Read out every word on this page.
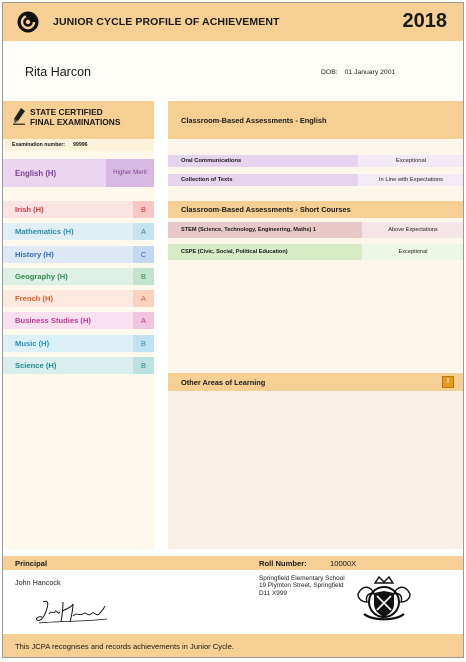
JUNIOR CYCLE PROFILE OF ACHIEVEMENT	2018
Rita Harcon	DOB: 01 January 2001
STATE CERTIFIED
FINAL EXAMINATIONS
Examination number: 99996
English (H)	Higher Merit
Irish (H)	B
Mathematics (H)	A
History (H)	C
Geography (H)	B
French (H)	A
Business Studies (H)	A
Music (H)	B
Science (H)	B
Classroom-Based Assessments - English
Oral Communications	Exceptional
Collection of Texts	In Line with Expectations
Classroom-Based Assessments - Short Courses
STEM (Science, Technology, Engineering, Maths) 1	Above Expectations
CSPE (Civic, Social, Political Education)	Exceptional
Other Areas of Learning	!
Principal	Roll Number:	10000X
John Hancock	Springfield Elementary School
19 Plymton Street, Springfield
D11 X999
This JCPA recognises and records achievements in Junior Cycle.
